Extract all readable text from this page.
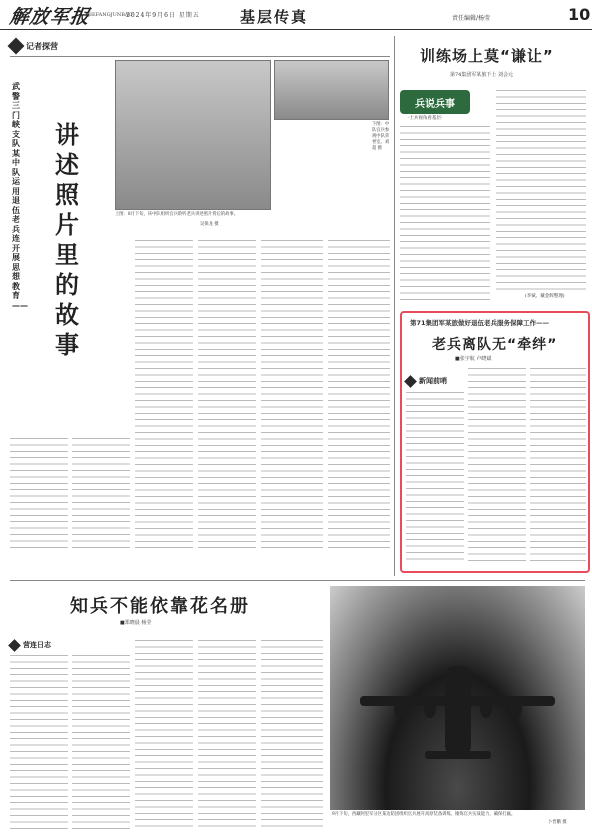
解放军报
JIEFANGJUNBAO
2024年9月6日 星期五	基层传真	责任编辑/杨莹	10
记者探营
武警三门峡支队某中队运用退伍老兵连开展思想教育——
讲述照片里的故事
下图：中队官兵参观中队荣誉室。刘超 摄
上图：8月下旬，该中队组织官兵聆听老兵讲述照片背后的故事。
吴保龙 摄
训练场上莫“谦让”
第74集团军某旅下士 刘会元
兵说兵事
·士兵视角看基层·
(李斌、戴金辉整理)
第71集团军某旅做好退伍老兵服务保障工作——
老兵离队无“牵绊”
■张宇航 卢晓斌
新闻前哨
知兵不能依靠花名册
■郑晓晨 杨莹
营连日志
9月下旬，西藏阿里军分区某边防团组织官兵展开高原装备训练，锤炼官兵实战能力，确保打赢。
卜晋鹏 摄
